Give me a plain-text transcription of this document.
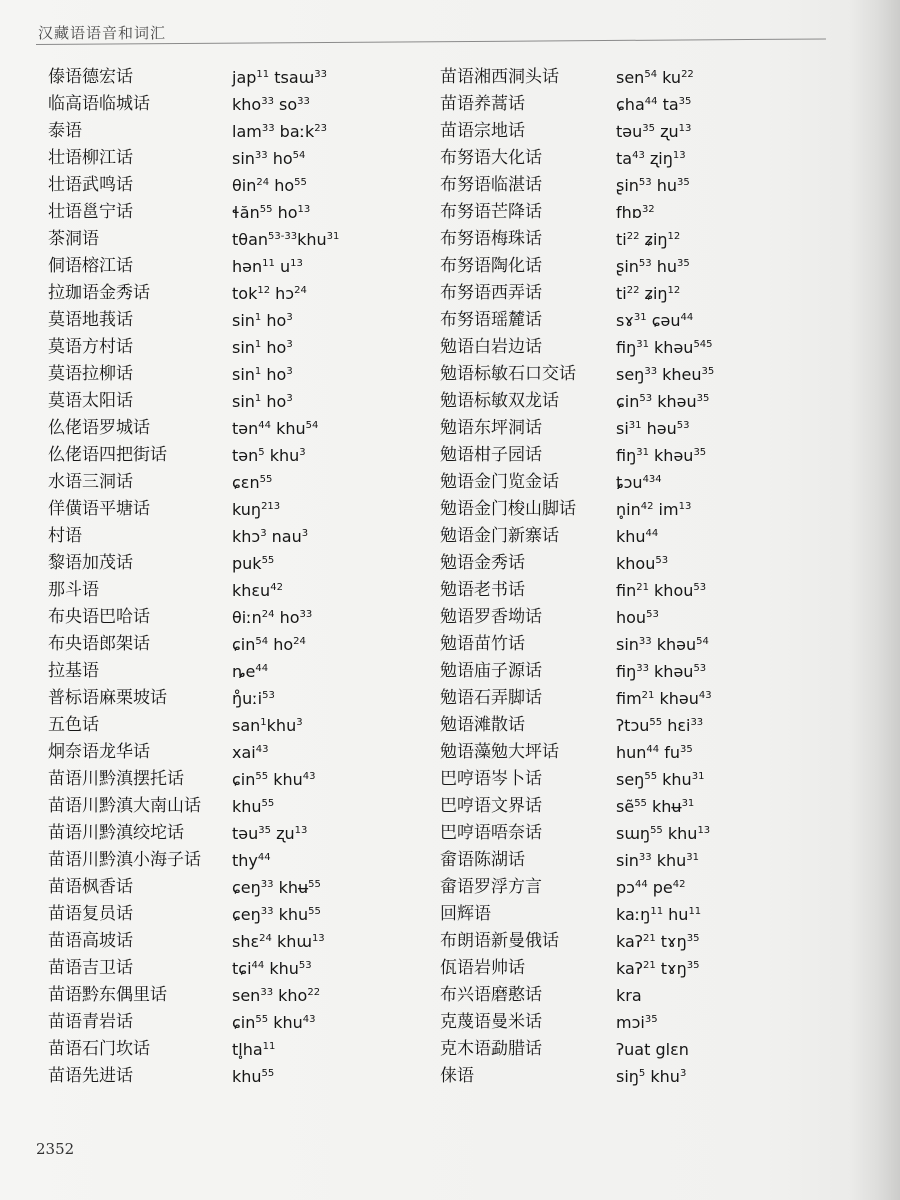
汉藏语语音和词汇
傣语德宏话	jap$^{11}$ tsaɯ$^{33}$
临高语临城话	kho$^{33}$ $so^{33}$
泰语	lam$^{33}$ baːk$^{23}$
壮语柳江话	$\sin^{33} ho^{54}$
壮语武鸣话	θin$^{24}$ $ho^{55}$
壮语邕宁话	ɬăn$^{55}$ $ho^{13}$
茶洞语	tθan$^{53-33}$khu$^{31}$
侗语榕江话	hən$^{11}$ $u^{13}$
拉珈语金秀话	tok$^{12}$ hɔ$^{24}$
莫语地莪话	$\sin^1 ho^3$
莫语方村话	$\sin^1 ho^3$
莫语拉柳话	$\sin^1 ho^3$
莫语太阳话	$\sin^1 ho^3$
仫佬语罗城话	tən$^{44}$ khu$^{54}$
仫佬语四把街话	tən$^5$ khu$^3$
水语三洞话	ɕɛn$^{55}$
佯僙语平塘话	kuŋ$^{213}$
村语	khɔ$^3$ nau$^3$
黎语加茂话	puk$^{55}$
那斗语	khɛu$^{42}$
布央语巴哈话	θiːn$^{24}$ $ho^{33}$
布央语郎架话	ɕin$^{54}$ $ho^{24}$
拉基语	$ȵe^{44}$
普标语麻栗坡话	ŋ̊uːi$^{53}$
五色话	san$^1$khu$^3$
炯奈语龙华话	xai$^{43}$
苗语川黔滇摆托话	ɕin$^{55}$ khu$^{43}$
苗语川黔滇大南山话	khu$^{55}$
苗语川黔滇绞坨话	təu$^{35}$ ʐu$^{13}$
苗语川黔滇小海子话	thy$^{44}$
苗语枫香话	ɕeŋ$^{33}$ khʉ$^{55}$
苗语复员话	ɕeŋ$^{33}$ khu$^{55}$
苗语高坡话	shɛ$^{24}$ khɯ$^{13}$
苗语吉卫话	tɕi$^{44}$ khu$^{53}$
苗语黔东偶里话	sen$^{33}$ kho$^{22}$
苗语青岩话	ɕin$^{55}$ khu$^{43}$
苗语石门坎话	$tl̥ha^{11}$
苗语先进话	khu$^{55}$
苗语湘西洞头话	sen$^{54}$ $ku^{22}$
苗语养蒿话	ɕha$^{44}$ $ta^{35}$
苗语宗地话	təu$^{35}$ ʐu$^{13}$
布努语大化话	$ta^{43}$ ʐiŋ$^{13}$
布努语临湛话	ʂin$^{53}$ $hu^{35}$
布努语芒降话	fhɒ$^{32}$
布努语梅珠话	$ti^{22}$ ʑiŋ$^{12}$
布努语陶化话	ʂin$^{53}$ $hu^{35}$
布努语西弄话	$ti^{22}$ ʑiŋ$^{12}$
布努语瑶麓话	sɤ$^{31}$ ɕəu$^{44}$
勉语白岩边话	fiŋ$^{31}$ khəu$^{545}$
勉语标敏石口交话	seŋ$^{33}$ kheu$^{35}$
勉语标敏双龙话	ɕin$^{53}$ khəu$^{35}$
勉语东坪洞话	$si^{31}$ həu$^{53}$
勉语柑子园话	fiŋ$^{31}$ khəu$^{35}$
勉语金门览金话	ȶɔu$^{434}$
勉语金门梭山脚话	$n̥in^{42}$ $im^{13}$
勉语金门新寨话	khu$^{44}$
勉语金秀话	khou$^{53}$
勉语老书话	fin$^{21}$ khou$^{53}$
勉语罗香坳话	hou$^{53}$
勉语苗竹话	$\sin^{33}$ khəu$^{54}$
勉语庙子源话	fiŋ$^{33}$ khəu$^{53}$
勉语石弄脚话	fim$^{21}$ khəu$^{43}$
勉语滩散话	ʔtɔu$^{55}$ hɛi$^{33}$
勉语藻勉大坪话	hun$^{44}$ $fu^{35}$
巴哼语岑卜话	seŋ$^{55}$ khu$^{31}$
巴哼语文界话	sẽ$^{55}$ khʉ$^{31}$
巴哼语唔奈话	sɯŋ$^{55}$ khu$^{13}$
畲语陈湖话	$\sin^{33} khu^{31}$
畲语罗浮方言	pɔ$^{44}$ $pe^{42}$
回辉语	kaːŋ$^{11}$ $hu^{11}$
布朗语新曼俄话	kaʔ$^{21}$ tɤŋ$^{35}$
佤语岩帅话	kaʔ$^{21}$ tɤŋ$^{35}$
布兴语磨憨话	kra
克蔑语曼米话	mɔi$^{35}$
克木语勐腊话	ʔuat glɛn
俫语	siŋ$^5$ khu$^3$
2352
